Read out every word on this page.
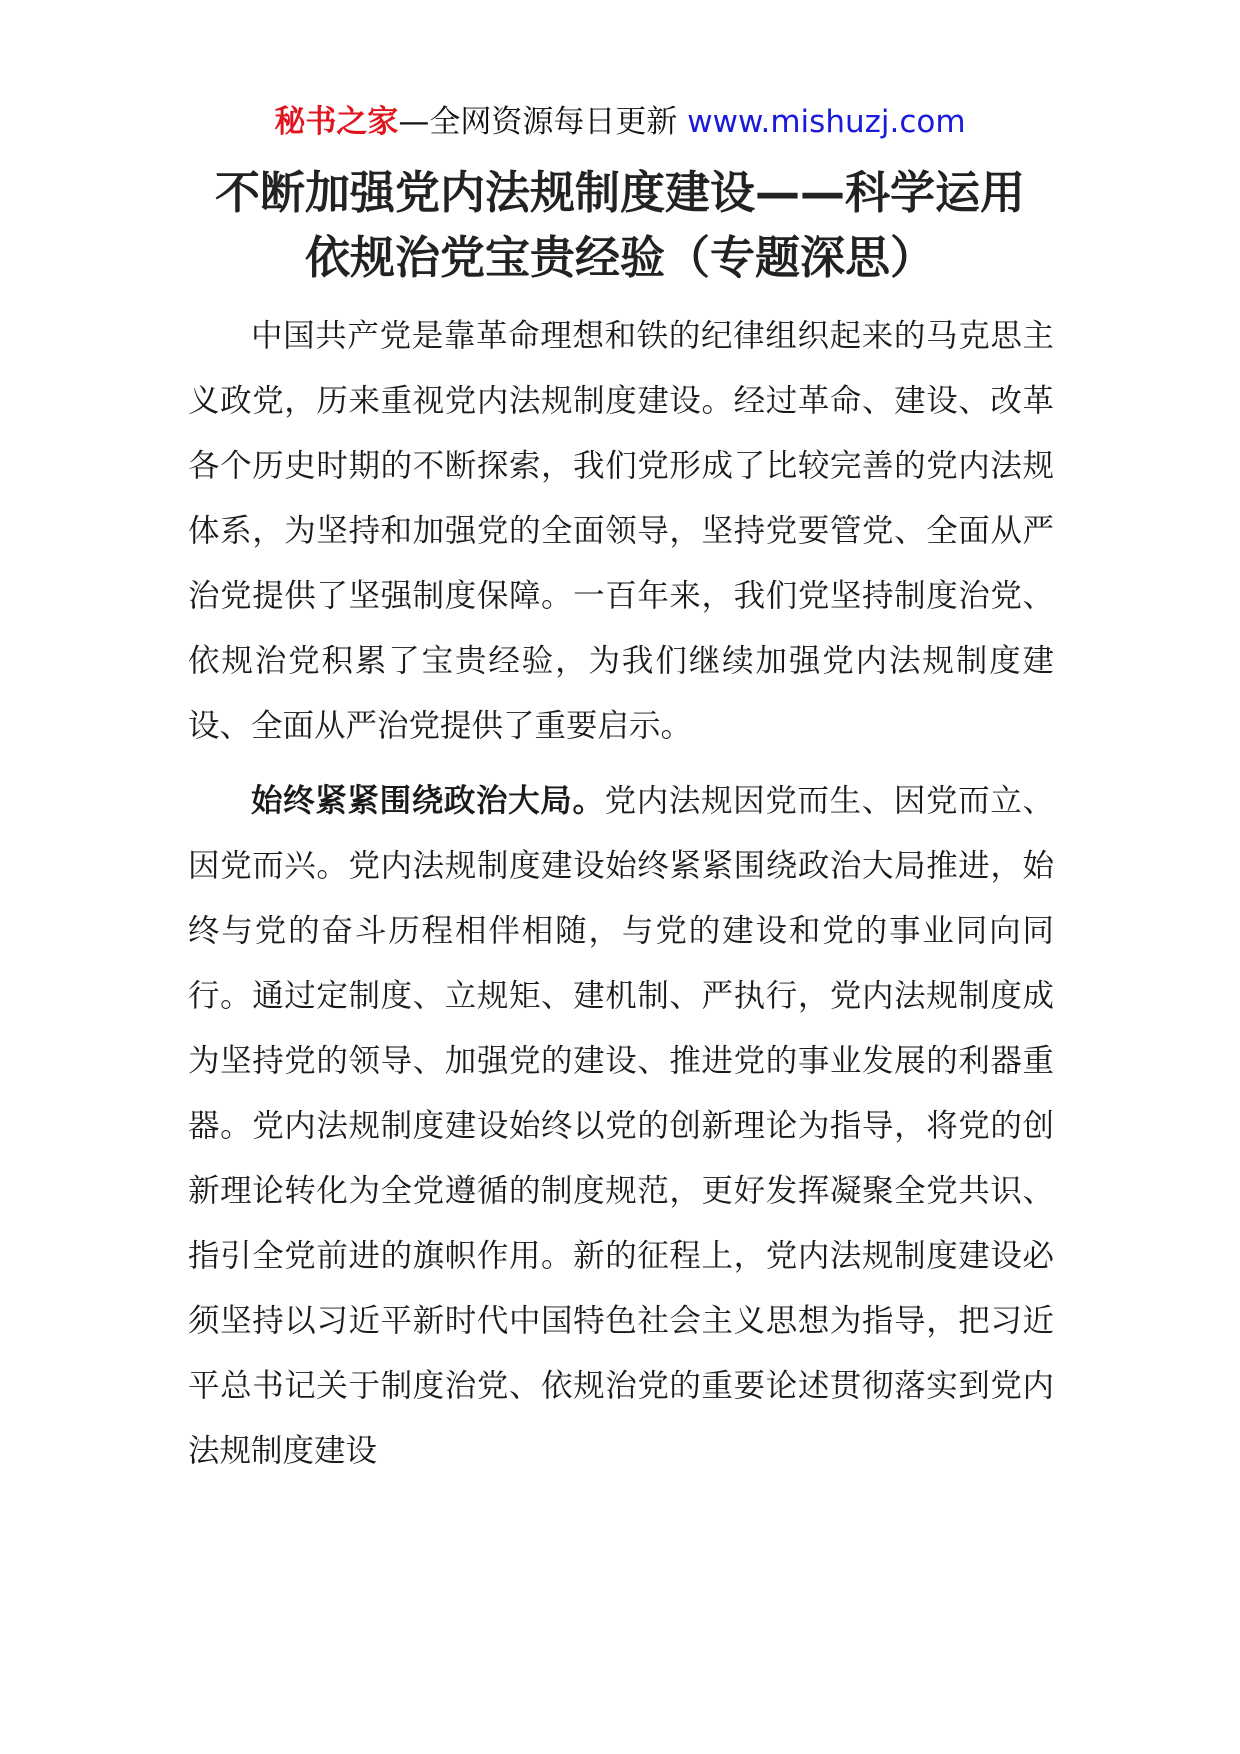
秘书之家—全网资源每日更新 www.mishuzj.com
不断加强党内法规制度建设——科学运用
依规治党宝贵经验（专题深思）

中国共产党是靠革命理想和铁的纪律组织起来的马克思主义政党，历来重视党内法规制度建设。经过革命、建设、改革各个历史时期的不断探索，我们党形成了比较完善的党内法规体系，为坚持和加强党的全面领导，坚持党要管党、全面从严治党提供了坚强制度保障。一百年来，我们党坚持制度治党、依规治党积累了宝贵经验，为我们继续加强党内法规制度建设、全面从严治党提供了重要启示。

始终紧紧围绕政治大局。党内法规因党而生、因党而立、因党而兴。党内法规制度建设始终紧紧围绕政治大局推进，始终与党的奋斗历程相伴相随，与党的建设和党的事业同向同行。通过定制度、立规矩、建机制、严执行，党内法规制度成为坚持党的领导、加强党的建设、推进党的事业发展的利器重器。党内法规制度建设始终以党的创新理论为指导，将党的创新理论转化为全党遵循的制度规范，更好发挥凝聚全党共识、指引全党前进的旗帜作用。新的征程上，党内法规制度建设必须坚持以习近平新时代中国特色社会主义思想为指导，把习近平总书记关于制度治党、依规治党的重要论述贯彻落实到党内法规制度建设
